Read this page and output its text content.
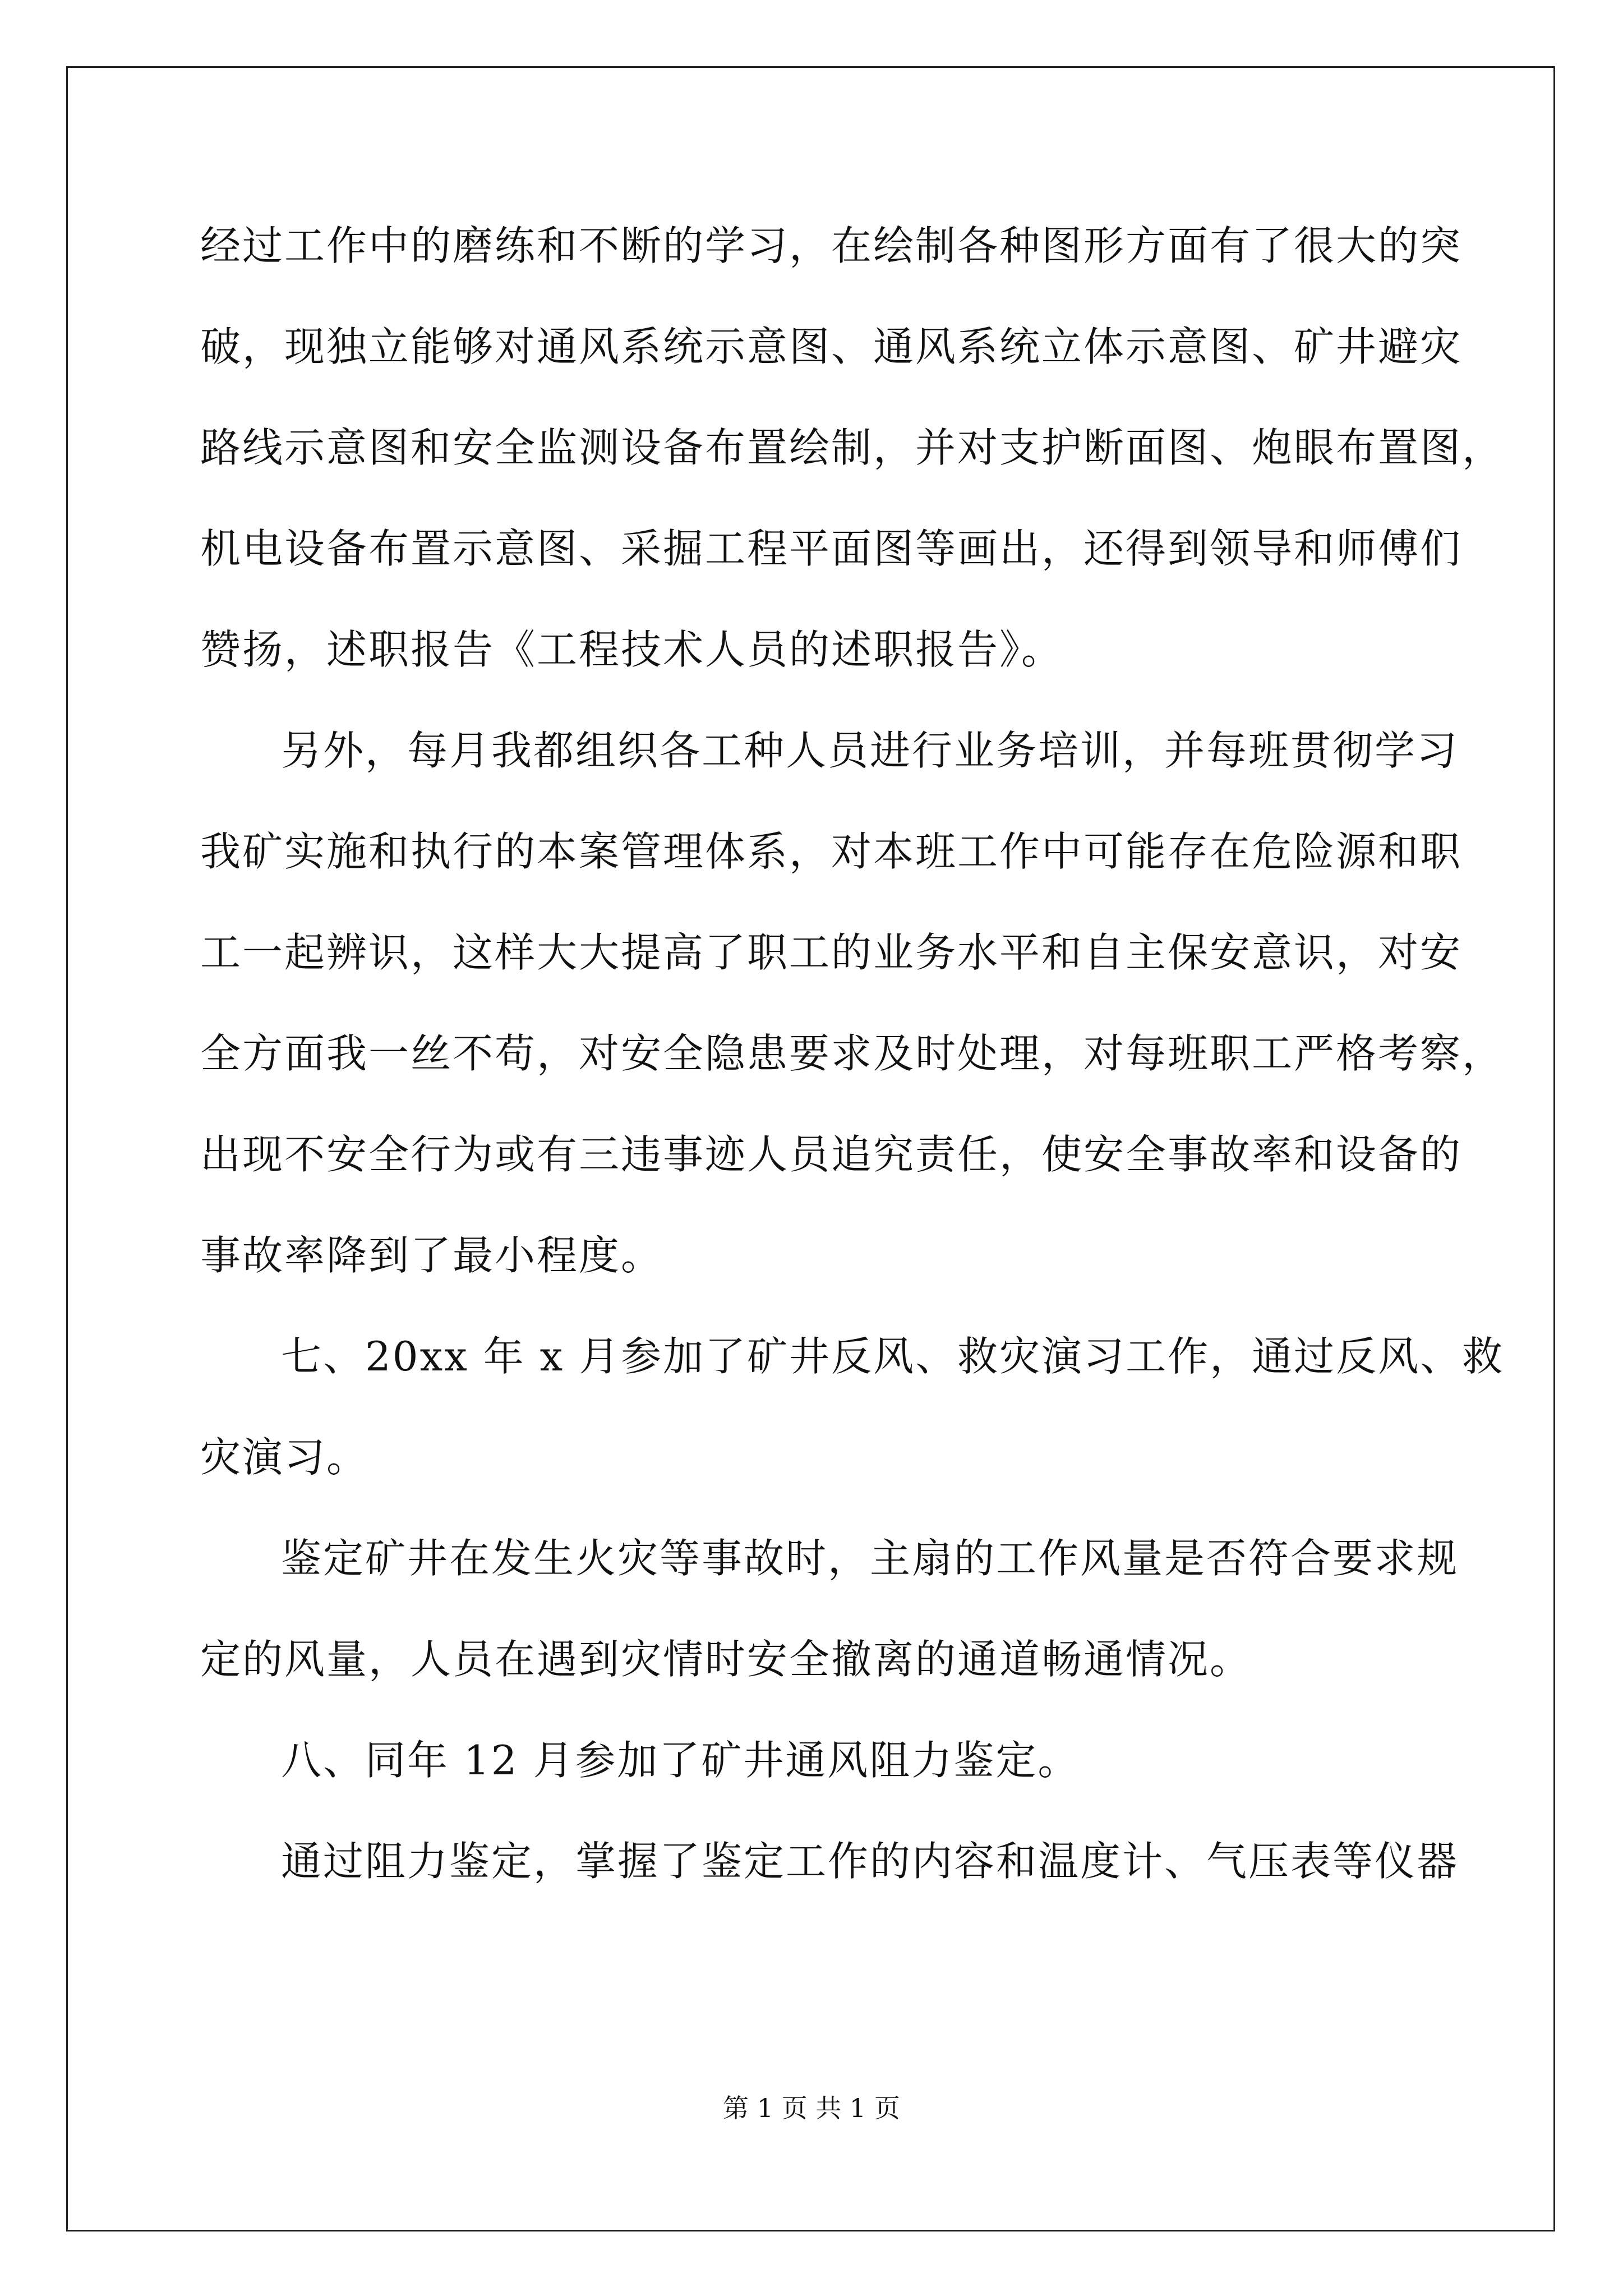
经过工作中的磨练和不断的学习，在绘制各种图形方面有了很大的突
破，现独立能够对通风系统示意图、通风系统立体示意图、矿井避灾
路线示意图和安全监测设备布置绘制，并对支护断面图、炮眼布置图，
机电设备布置示意图、采掘工程平面图等画出，还得到领导和师傅们
赞扬，述职报告《工程技术人员的述职报告》。
另外，每月我都组织各工种人员进行业务培训，并每班贯彻学习
我矿实施和执行的本案管理体系，对本班工作中可能存在危险源和职
工一起辨识，这样大大提高了职工的业务水平和自主保安意识，对安
全方面我一丝不苟，对安全隐患要求及时处理，对每班职工严格考察，
出现不安全行为或有三违事迹人员追究责任，使安全事故率和设备的
事故率降到了最小程度。
七、20xx 年 x 月参加了矿井反风、救灾演习工作，通过反风、救
灾演习。
鉴定矿井在发生火灾等事故时，主扇的工作风量是否符合要求规
定的风量，人员在遇到灾情时安全撤离的通道畅通情况。
八、同年 12 月参加了矿井通风阻力鉴定。
通过阻力鉴定，掌握了鉴定工作的内容和温度计、气压表等仪器
第 1 页 共 1 页
